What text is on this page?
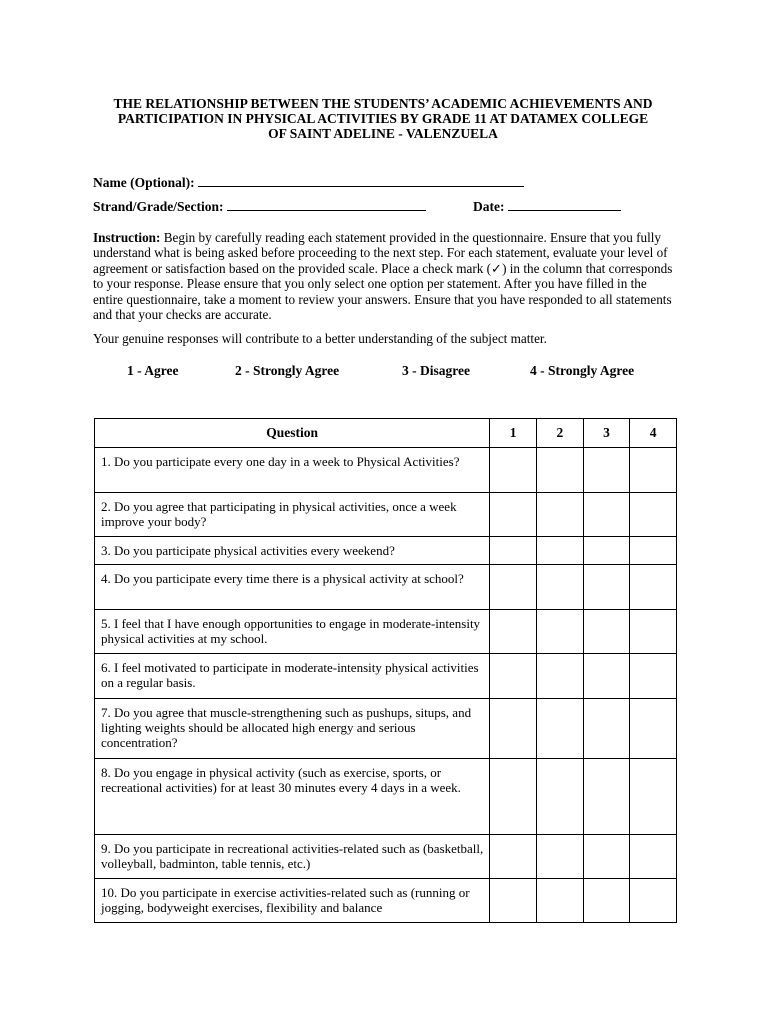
THE RELATIONSHIP BETWEEN THE STUDENTS’ ACADEMIC ACHIEVEMENTS AND
PARTICIPATION IN PHYSICAL ACTIVITIES BY GRADE 11 AT DATAMEX COLLEGE
OF SAINT ADELINE - VALENZUELA
Name (Optional):
Strand/Grade/Section:	Date:
Instruction: Begin by carefully reading each statement provided in the questionnaire. Ensure that you fully understand what is being asked before proceeding to the next step. For each statement, evaluate your level of agreement or satisfaction based on the provided scale. Place a check mark (✓) in the column that corresponds to your response. Please ensure that you only select one option per statement. After you have filled in the entire questionnaire, take a moment to review your answers. Ensure that you have responded to all statements and that your checks are accurate.
Your genuine responses will contribute to a better understanding of the subject matter.
1 - Agree	2 - Strongly Agree	3 - Disagree	4 - Strongly Agree
Question	1	2	3	4
1. Do you participate every one day in a week to Physical Activities?				
2. Do you agree that participating in physical activities, once a week improve your body?				
3. Do you participate physical activities every weekend?				
4. Do you participate every time there is a physical activity at school?				
5. I feel that I have enough opportunities to engage in moderate-intensity physical activities at my school.				
6. I feel motivated to participate in moderate-intensity physical activities on a regular basis.				
7. Do you agree that muscle-strengthening such as pushups, situps, and lighting weights should be allocated high energy and serious concentration?				
8. Do you engage in physical activity (such as exercise, sports, or recreational activities) for at least 30 minutes every 4 days in a week.				
9. Do you participate in recreational activities-related such as (basketball, volleyball, badminton, table tennis, etc.)				
10. Do you participate in exercise activities-related such as (running or jogging, bodyweight exercises, flexibility and balance				
